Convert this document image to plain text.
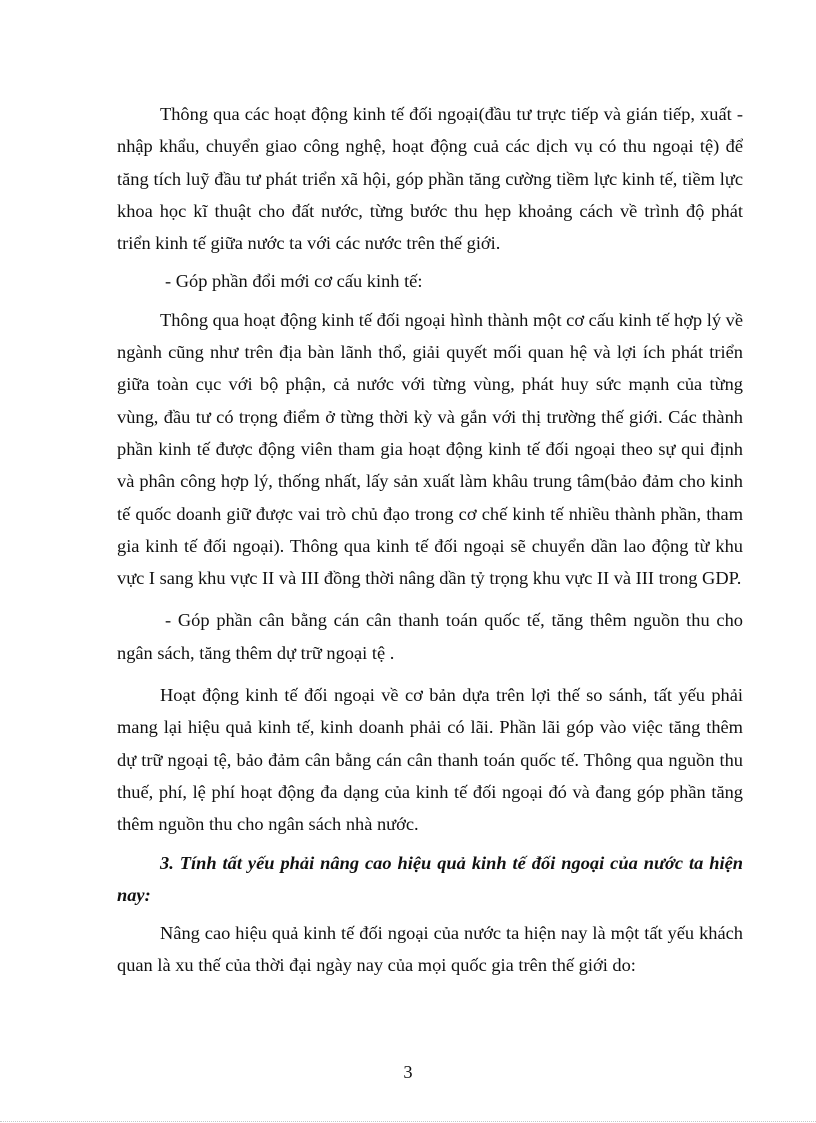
Thông qua các hoạt động kinh tế đối ngoại(đầu tư trực tiếp và gián tiếp, xuất - nhập khẩu, chuyển giao công nghệ, hoạt động cuả các dịch vụ có thu ngoại tệ) để tăng tích luỹ đầu tư phát triển xã hội, góp phần tăng cường tiềm lực kinh tế, tiềm lực khoa học kĩ thuật cho đất nước, từng bước thu hẹp khoảng cách về trình độ phát triển kinh tế giữa nước ta với các nước trên thế giới.

- Góp phần đổi mới cơ cấu kinh tế:

Thông qua hoạt động kinh tế đối ngoại hình thành một cơ cấu kinh tế hợp lý về ngành cũng như trên địa bàn lãnh thổ, giải quyết mối quan hệ và lợi ích phát triển giữa toàn cục với bộ phận, cả nước với từng vùng, phát huy sức mạnh của từng vùng, đầu tư có trọng điểm ở từng thời kỳ và gắn với thị trường thế giới. Các thành phần kinh tế được động viên tham gia hoạt động kinh tế đối ngoại theo sự qui định và phân công hợp lý, thống nhất, lấy sản xuất làm khâu trung tâm(bảo đảm cho kinh tế quốc doanh giữ được vai trò chủ đạo trong cơ chế kinh tế nhiều thành phần, tham gia kinh tế đối ngoại). Thông qua kinh tế đối ngoại sẽ chuyển dần lao động từ khu vực I sang khu vực II và III đồng thời nâng dần tỷ trọng khu vực II và III trong GDP.

- Góp phần cân bằng cán cân thanh toán quốc tế, tăng thêm nguồn thu cho ngân sách, tăng thêm dự trữ ngoại tệ .

Hoạt động kinh tế đối ngoại về cơ bản dựa trên lợi thế so sánh, tất yếu phải mang lại hiệu quả kinh tế, kinh doanh phải có lãi. Phần lãi góp vào việc tăng thêm dự trữ ngoại tệ, bảo đảm cân bằng cán cân thanh toán quốc tế. Thông qua nguồn thu thuế, phí, lệ phí hoạt động đa dạng của kinh tế đối ngoại đó và đang góp phần tăng thêm nguồn thu cho ngân sách nhà nước.

3. Tính tất yếu phải nâng cao hiệu quả kinh tế đối ngoại của nước ta hiện nay:

Nâng cao hiệu quả kinh tế đối ngoại của nước ta hiện nay là một tất yếu khách quan là xu thế của thời đại ngày nay của mọi quốc gia trên thế giới do:

3
